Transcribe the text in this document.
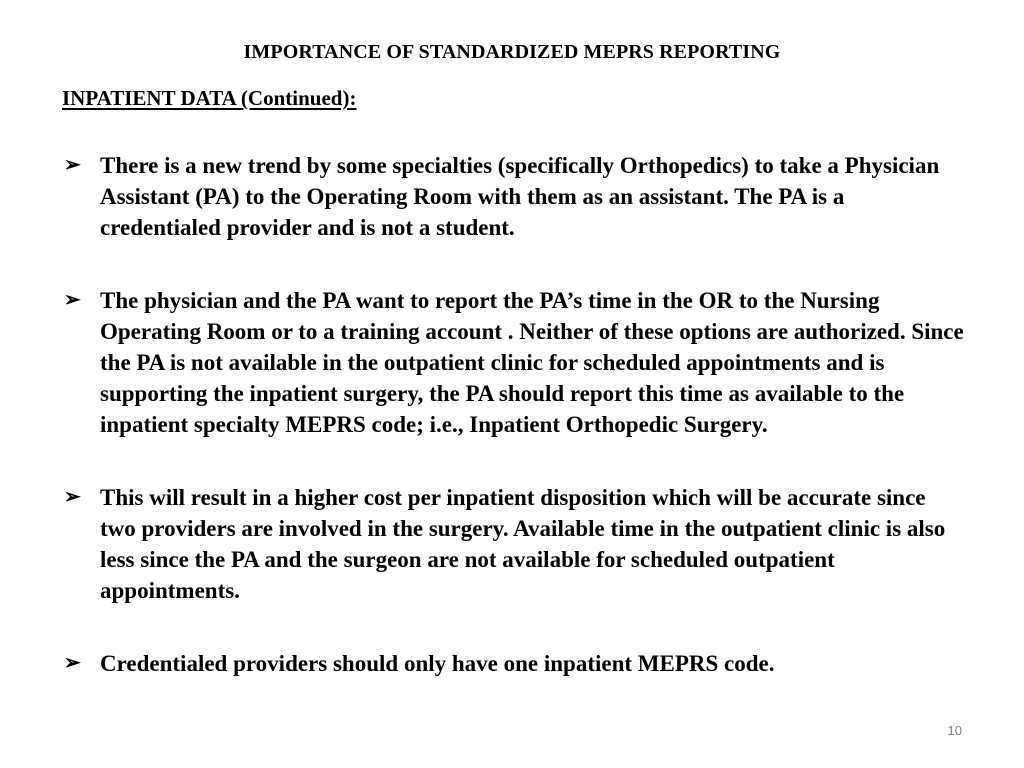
IMPORTANCE OF STANDARDIZED MEPRS REPORTING
INPATIENT DATA (Continued):
➢ There is a new trend by some specialties (specifically Orthopedics) to take a Physician Assistant (PA) to the Operating Room with them as an assistant. The PA is a credentialed provider and is not a student.
➢ The physician and the PA want to report the PA’s time in the OR to the Nursing Operating Room or to a training account . Neither of these options are authorized. Since the PA is not available in the outpatient clinic for scheduled appointments and is supporting the inpatient surgery, the PA should report this time as available to the inpatient specialty MEPRS code; i.e., Inpatient Orthopedic Surgery.
➢ This will result in a higher cost per inpatient disposition which will be accurate since two providers are involved in the surgery. Available time in the outpatient clinic is also less since the PA and the surgeon are not available for scheduled outpatient appointments.
➢ Credentialed providers should only have one inpatient MEPRS code.
10
